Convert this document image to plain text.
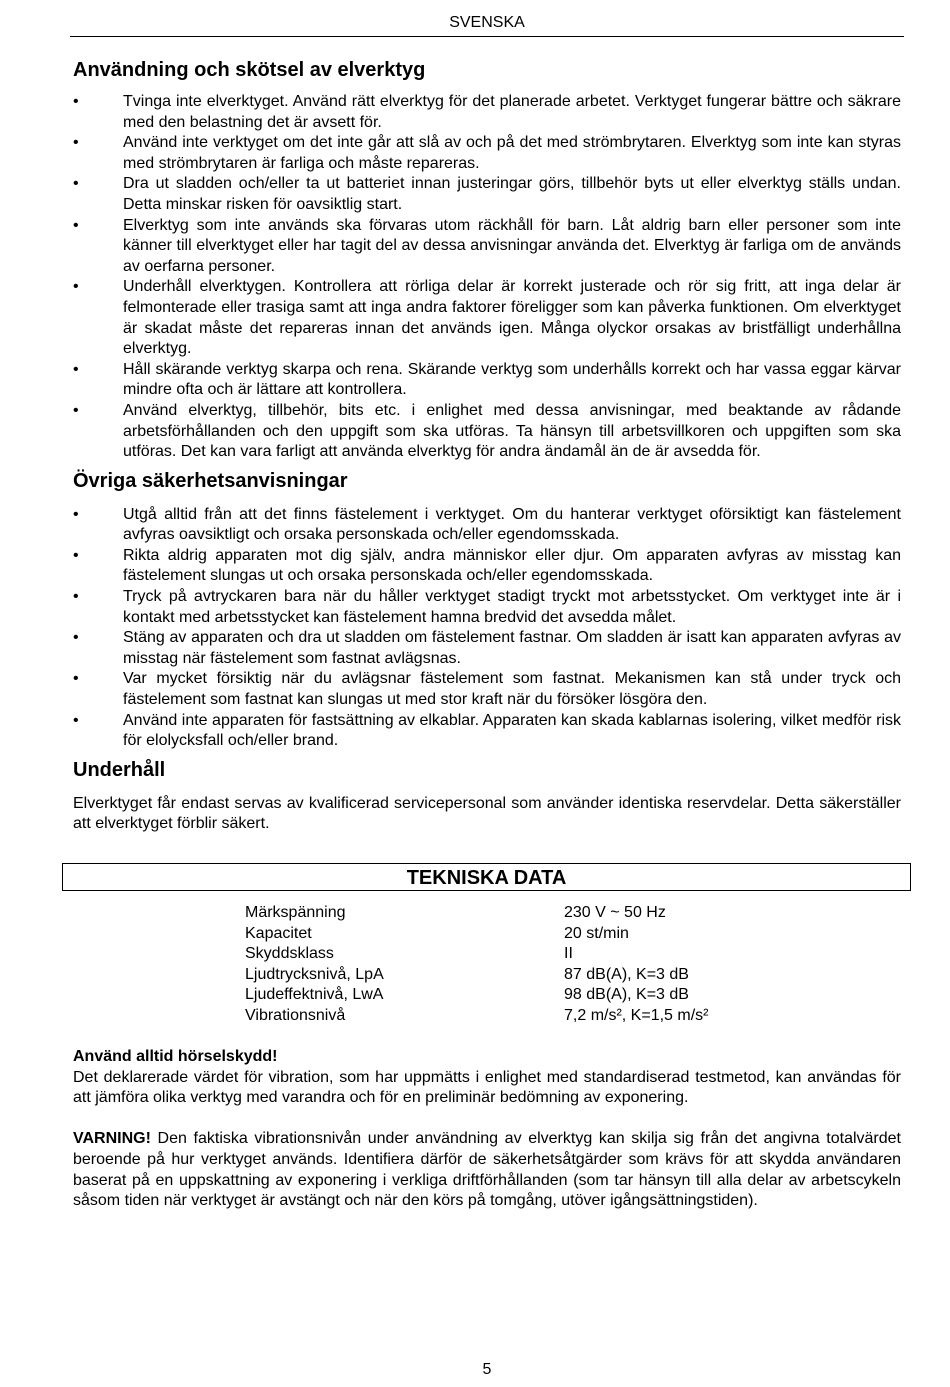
SVENSKA
Användning och skötsel av elverktyg
•	Tvinga inte elverktyget. Använd rätt elverktyg för det planerade arbetet. Verktyget fungerar bättre och säkrare med den belastning det är avsett för.
•	Använd inte verktyget om det inte går att slå av och på det med strömbrytaren. Elverktyg som inte kan styras med strömbrytaren är farliga och måste repareras.
•	Dra ut sladden och/eller ta ut batteriet innan justeringar görs, tillbehör byts ut eller elverktyg ställs undan. Detta minskar risken för oavsiktlig start.
•	Elverktyg som inte används ska förvaras utom räckhåll för barn. Låt aldrig barn eller personer som inte känner till elverktyget eller har tagit del av dessa anvisningar använda det. Elverktyg är farliga om de används av oerfarna personer.
•	Underhåll elverktygen. Kontrollera att rörliga delar är korrekt justerade och rör sig fritt, att inga delar är felmonterade eller trasiga samt att inga andra faktorer föreligger som kan påverka funktionen. Om elverktyget är skadat måste det repareras innan det används igen. Många olyckor orsakas av bristfälligt underhållna elverktyg.
•	Håll skärande verktyg skarpa och rena. Skärande verktyg som underhålls korrekt och har vassa eggar kärvar mindre ofta och är lättare att kontrollera.
•	Använd elverktyg, tillbehör, bits etc. i enlighet med dessa anvisningar, med beaktande av rådande arbetsförhållanden och den uppgift som ska utföras. Ta hänsyn till arbetsvillkoren och uppgiften som ska utföras. Det kan vara farligt att använda elverktyg för andra ändamål än de är avsedda för.
Övriga säkerhetsanvisningar
•	Utgå alltid från att det finns fästelement i verktyget. Om du hanterar verktyget oförsiktigt kan fästelement avfyras oavsiktligt och orsaka personskada och/eller egendomsskada.
•	Rikta aldrig apparaten mot dig själv, andra människor eller djur. Om apparaten avfyras av misstag kan fästelement slungas ut och orsaka personskada och/eller egendomsskada.
•	Tryck på avtryckaren bara när du håller verktyget stadigt tryckt mot arbetsstycket. Om verktyget inte är i kontakt med arbetsstycket kan fästelement hamna bredvid det avsedda målet.
•	Stäng av apparaten och dra ut sladden om fästelement fastnar. Om sladden är isatt kan apparaten avfyras av misstag när fästelement som fastnat avlägsnas.
•	Var mycket försiktig när du avlägsnar fästelement som fastnat. Mekanismen kan stå under tryck och fästelement som fastnat kan slungas ut med stor kraft när du försöker lösgöra den.
•	Använd inte apparaten för fastsättning av elkablar. Apparaten kan skada kablarnas isolering, vilket medför risk för elolycksfall och/eller brand.
Underhåll

Elverktyget får endast servas av kvalificerad servicepersonal som använder identiska reservdelar. Detta säkerställer att elverktyget förblir säkert.

TEKNISKA DATA
Märkspänning	230 V ~ 50 Hz
Kapacitet	20 st/min
Skyddsklass	II
Ljudtrycksnivå, LpA	87 dB(A), K=3 dB
Ljudeffektnivå, LwA	98 dB(A), K=3 dB
Vibrationsnivå	7,2 m/s², K=1,5 m/s²

Använd alltid hörselskydd!

Det deklarerade värdet för vibration, som har uppmätts i enlighet med standardiserad testmetod, kan användas för att jämföra olika verktyg med varandra och för en preliminär bedömning av exponering.

VARNING! Den faktiska vibrationsnivån under användning av elverktyg kan skilja sig från det angivna totalvärdet beroende på hur verktyget används. Identifiera därför de säkerhetsåtgärder som krävs för att skydda användaren baserat på en uppskattning av exponering i verkliga driftförhållanden (som tar hänsyn till alla delar av arbetscykeln såsom tiden när verktyget är avstängt och när den körs på tomgång, utöver igångsättningstiden).

5
